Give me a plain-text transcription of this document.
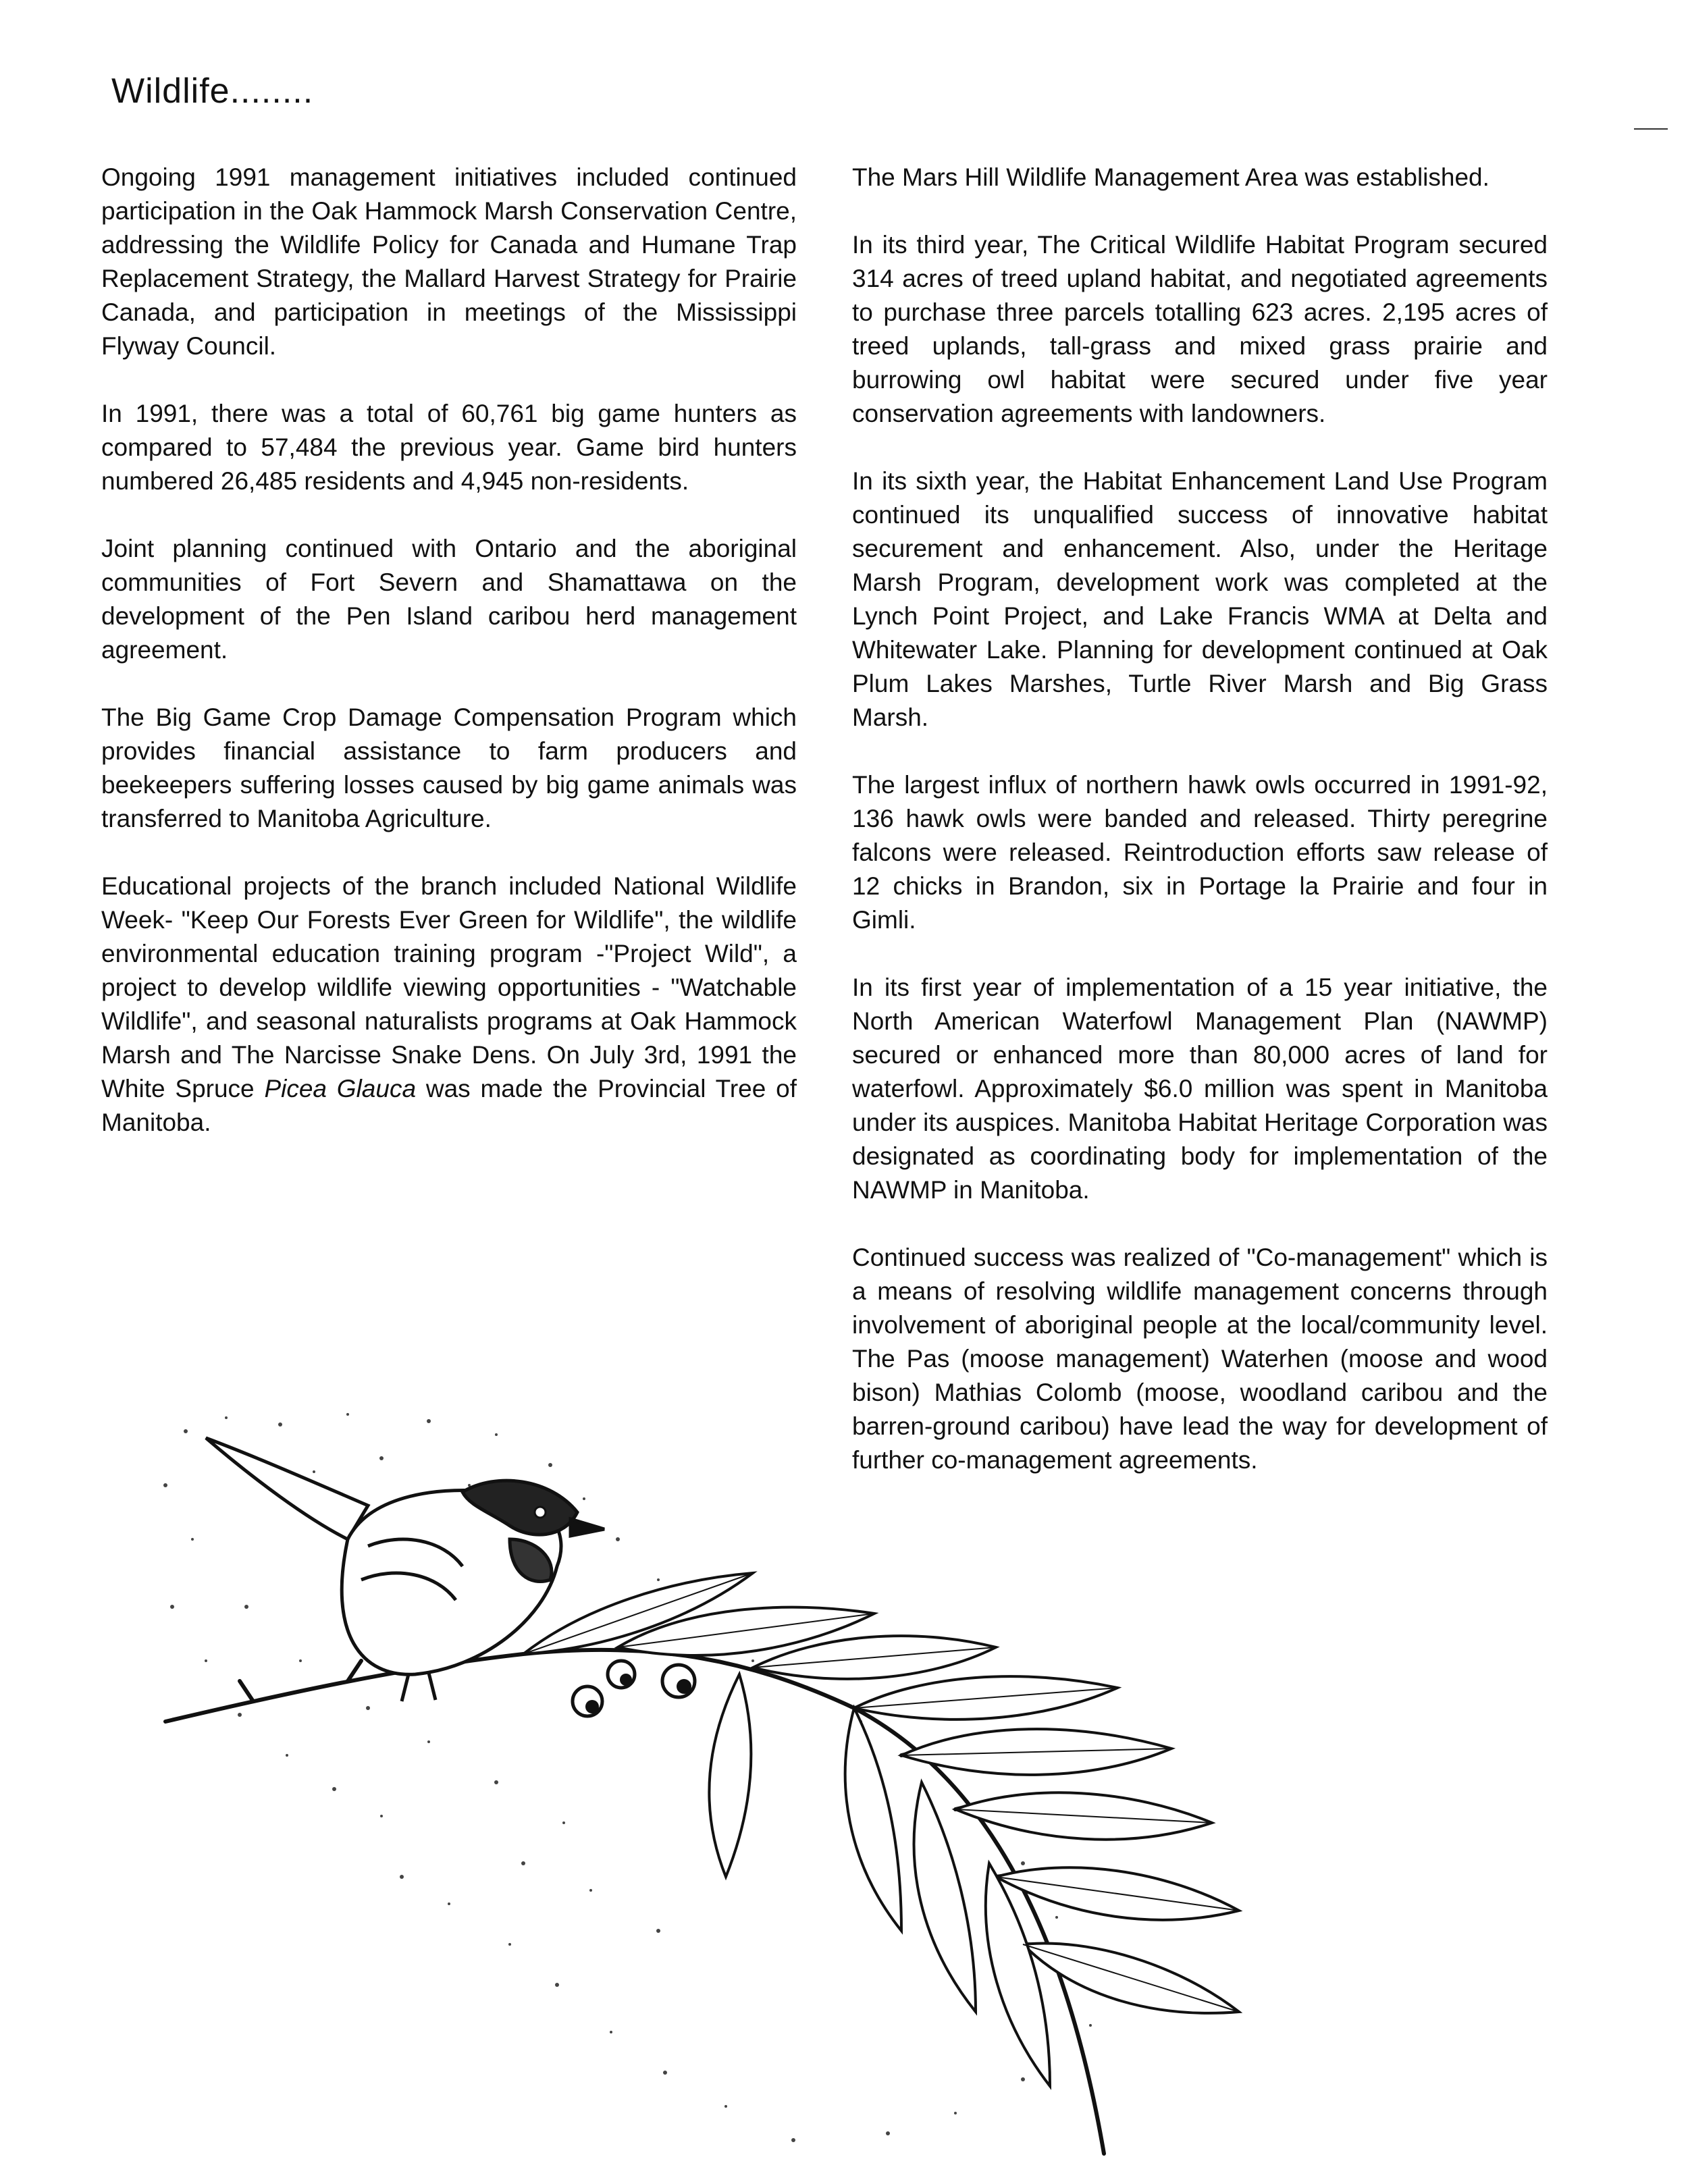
Wildlife........

Ongoing 1991 management initiatives included continued participation in the Oak Hammock Marsh Conservation Centre, addressing the Wildlife Policy for Canada and Humane Trap Replacement Strategy, the Mallard Harvest Strategy for Prairie Canada, and participation in meetings of the Mississippi Flyway Council.

In 1991, there was a total of 60,761 big game hunters as compared to 57,484 the previous year. Game bird hunters numbered 26,485 residents and 4,945 non-residents.

Joint planning continued with Ontario and the aboriginal communities of Fort Severn and Shamattawa on the development of the Pen Island caribou herd management agreement.

The Big Game Crop Damage Compensation Program which provides financial assistance to farm producers and beekeepers suffering losses caused by big game animals was transferred to Manitoba Agriculture.

Educational projects of the branch included National Wildlife Week- "Keep Our Forests Ever Green for Wildlife", the wildlife environmental education training program -"Project Wild", a project to develop wildlife viewing opportunities - "Watchable Wildlife", and seasonal naturalists programs at Oak Hammock Marsh and The Narcisse Snake Dens. On July 3rd, 1991 the White Spruce Picea Glauca was made the Provincial Tree of Manitoba.

The Mars Hill Wildlife Management Area was established.

In its third year, The Critical Wildlife Habitat Program secured 314 acres of treed upland habitat, and negotiated agreements to purchase three parcels totalling 623 acres. 2,195 acres of treed uplands, tall-grass and mixed grass prairie and burrowing owl habitat were secured under five year conservation agreements with landowners.

In its sixth year, the Habitat Enhancement Land Use Program continued its unqualified success of innovative habitat securement and enhancement. Also, under the Heritage Marsh Program, development work was completed at the Lynch Point Project, and Lake Francis WMA at Delta and Whitewater Lake. Planning for development continued at Oak Plum Lakes Marshes, Turtle River Marsh and Big Grass Marsh.

The largest influx of northern hawk owls occurred in 1991-92, 136 hawk owls were banded and released. Thirty peregrine falcons were released. Reintroduction efforts saw release of 12 chicks in Brandon, six in Portage la Prairie and four in Gimli.

In its first year of implementation of a 15 year initiative, the North American Waterfowl Management Plan (NAWMP) secured or enhanced more than 80,000 acres of land for waterfowl. Approximately $6.0 million was spent in Manitoba under its auspices. Manitoba Habitat Heritage Corporation was designated as coordinating body for implementation of the NAWMP in Manitoba.

Continued success was realized of "Co-management" which is a means of resolving wildlife management concerns through involvement of aboriginal people at the local/community level. The Pas (moose management) Waterhen (moose and wood bison) Mathias Colomb (moose, woodland caribou and the barren-ground caribou) have lead the way for development of further co-management agreements.
